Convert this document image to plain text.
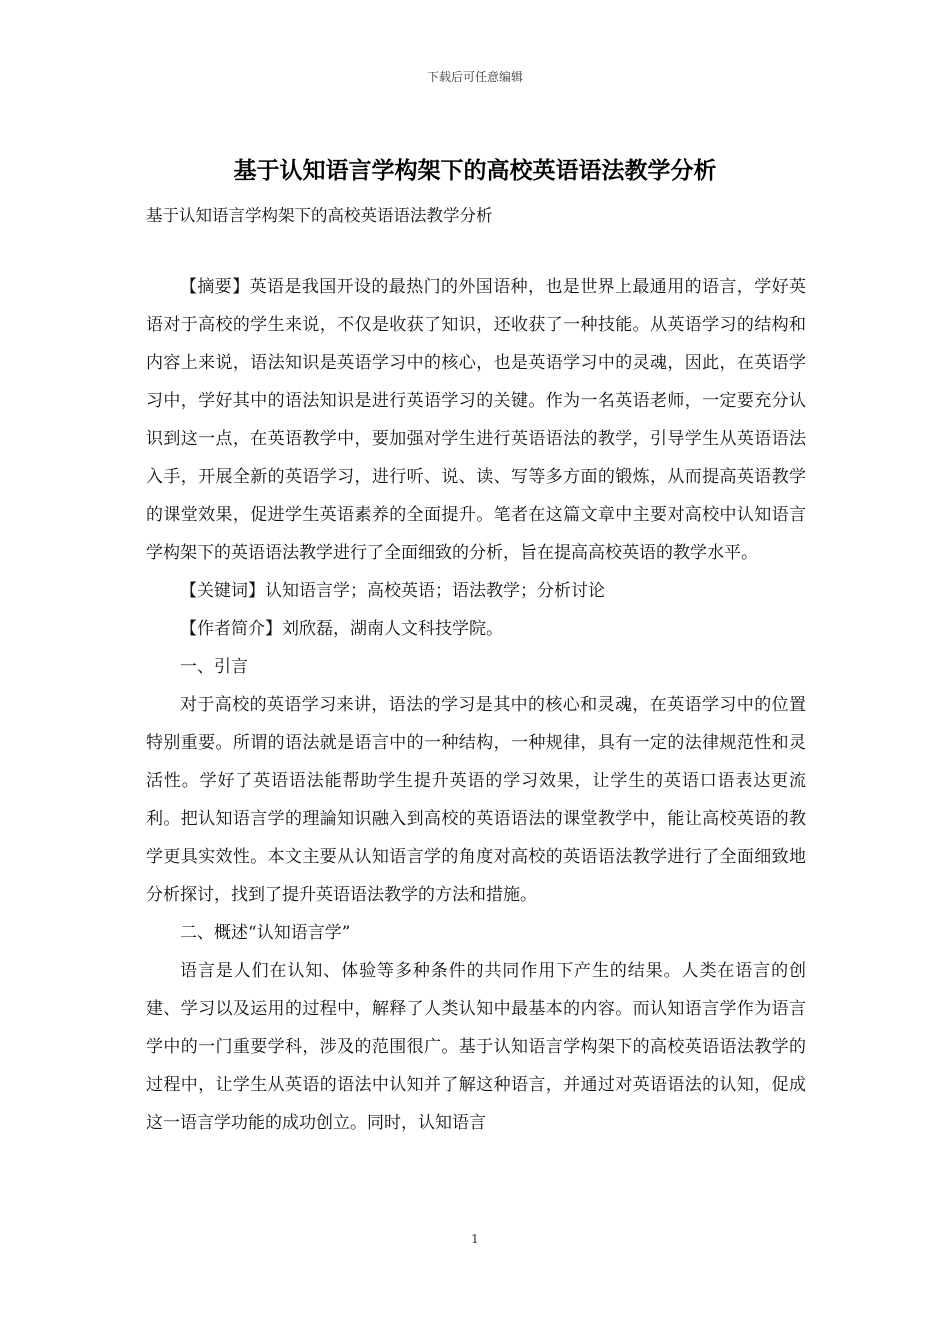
下载后可任意编辑
基于认知语言学构架下的高校英语语法教学分析

基于认知语言学构架下的高校英语语法教学分析

【摘要】英语是我国开设的最热门的外国语种，也是世界上最通用的语言，学好英语对于高校的学生来说，不仅是收获了知识，还收获了一种技能。从英语学习的结构和内容上来说，语法知识是英语学习中的核心，也是英语学习中的灵魂，因此，在英语学习中，学好其中的语法知识是进行英语学习的关键。作为一名英语老师，一定要充分认识到这一点，在英语教学中，要加强对学生进行英语语法的教学，引导学生从英语语法入手，开展全新的英语学习，进行听、说、读、写等多方面的锻炼，从而提高英语教学的课堂效果，促进学生英语素养的全面提升。笔者在这篇文章中主要对高校中认知语言学构架下的英语语法教学进行了全面细致的分析，旨在提高高校英语的教学水平。

【关键词】认知语言学；高校英语；语法教学；分析讨论

【作者简介】刘欣磊，湖南人文科技学院。

一、引言

对于高校的英语学习来讲，语法的学习是其中的核心和灵魂，在英语学习中的位置特别重要。所谓的语法就是语言中的一种结构，一种规律，具有一定的法律规范性和灵活性。学好了英语语法能帮助学生提升英语的学习效果，让学生的英语口语表达更流利。把认知语言学的理論知识融入到高校的英语语法的课堂教学中，能让高校英语的教学更具实效性。本文主要从认知语言学的角度对高校的英语语法教学进行了全面细致地分析探讨，找到了提升英语语法教学的方法和措施。

二、概述“认知语言学”

语言是人们在认知、体验等多种条件的共同作用下产生的结果。人类在语言的创建、学习以及运用的过程中，解释了人类认知中最基本的内容。而认知语言学作为语言学中的一门重要学科，涉及的范围很广。基于认知语言学构架下的高校英语语法教学的过程中，让学生从英语的语法中认知并了解这种语言，并通过对英语语法的认知，促成这一语言学功能的成功创立。同时，认知语言

1
